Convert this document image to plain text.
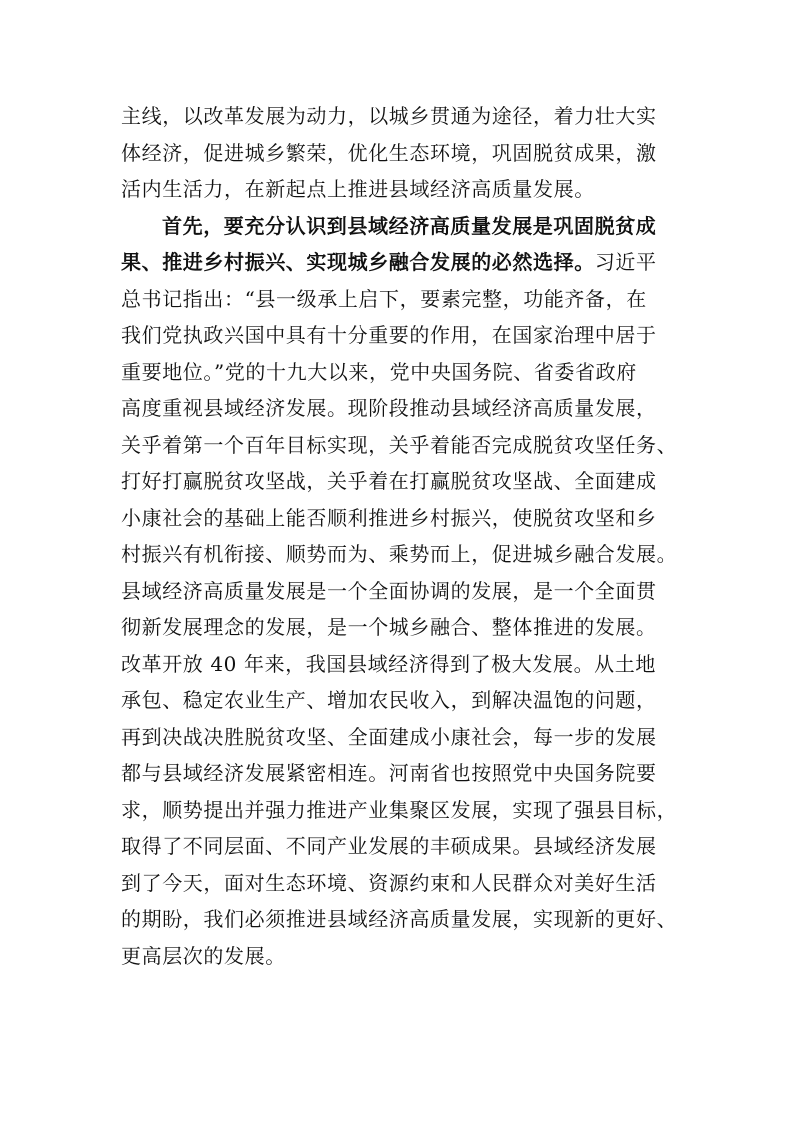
主线，以改革发展为动力，以城乡贯通为途径，着力壮大实
体经济，促进城乡繁荣，优化生态环境，巩固脱贫成果，激
活内生活力，在新起点上推进县域经济高质量发展。
首先，要充分认识到县域经济高质量发展是巩固脱贫成
果、推进乡村振兴、实现城乡融合发展的必然选择。习近平
总书记指出：“县一级承上启下，要素完整，功能齐备，在
我们党执政兴国中具有十分重要的作用，在国家治理中居于
重要地位。”党的十九大以来，党中央国务院、省委省政府
高度重视县域经济发展。现阶段推动县域经济高质量发展，
关乎着第一个百年目标实现，关乎着能否完成脱贫攻坚任务、
打好打赢脱贫攻坚战，关乎着在打赢脱贫攻坚战、全面建成
小康社会的基础上能否顺利推进乡村振兴，使脱贫攻坚和乡
村振兴有机衔接、顺势而为、乘势而上，促进城乡融合发展。
县域经济高质量发展是一个全面协调的发展，是一个全面贯
彻新发展理念的发展，是一个城乡融合、整体推进的发展。
改革开放 40 年来，我国县域经济得到了极大发展。从土地
承包、稳定农业生产、增加农民收入，到解决温饱的问题，
再到决战决胜脱贫攻坚、全面建成小康社会，每一步的发展
都与县域经济发展紧密相连。河南省也按照党中央国务院要
求，顺势提出并强力推进产业集聚区发展，实现了强县目标，
取得了不同层面、不同产业发展的丰硕成果。县域经济发展
到了今天，面对生态环境、资源约束和人民群众对美好生活
的期盼，我们必须推进县域经济高质量发展，实现新的更好、
更高层次的发展。
